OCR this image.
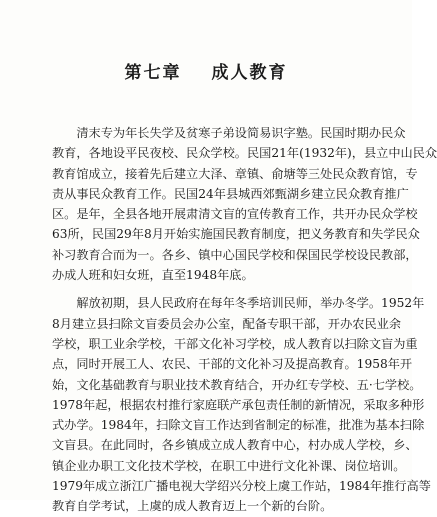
第七章 成人教育
　　清末专为年长失学及贫寒子弟设简易识字塾。民国时期办民众
教育，各地设平民夜校、民众学校。民国21年(1932年)，县立中山民众
教育馆成立，接着先后建立大泽、章镇、俞塘等三处民众教育馆，专
责从事民众教育工作。民国24年县城西郊甄湖乡建立民众教育推广
区。是年，全县各地开展肃清文盲的宣传教育工作，共开办民众学校
63所，民国29年8月开始实施国民教育制度，把义务教育和失学民众
补习教育合而为一。各乡、镇中心国民学校和保国民学校设民教部，
办成人班和妇女班，直至1948年底。
　　解放初期，县人民政府在每年冬季培训民师，举办冬学。1952年
8月建立县扫除文盲委员会办公室，配备专职干部，开办农民业余
学校，职工业余学校，干部文化补习学校，成人教育以扫除文盲为重
点，同时开展工人、农民、干部的文化补习及提高教育。1958年开
始，文化基础教育与职业技术教育结合，开办红专学校、五·七学校。
1978年起，根据农村推行家庭联产承包责任制的新情况，采取多种形
式办学。1984年，扫除文盲工作达到省制定的标准，批准为基本扫除
文盲县。在此同时，各乡镇成立成人教育中心，村办成人学校，乡、
镇企业办职工文化技术学校，在职工中进行文化补课、岗位培训。
1979年成立浙江广播电视大学绍兴分校上虞工作站，1984年推行高等
教育自学考试，上虞的成人教育迈上一个新的台阶。
